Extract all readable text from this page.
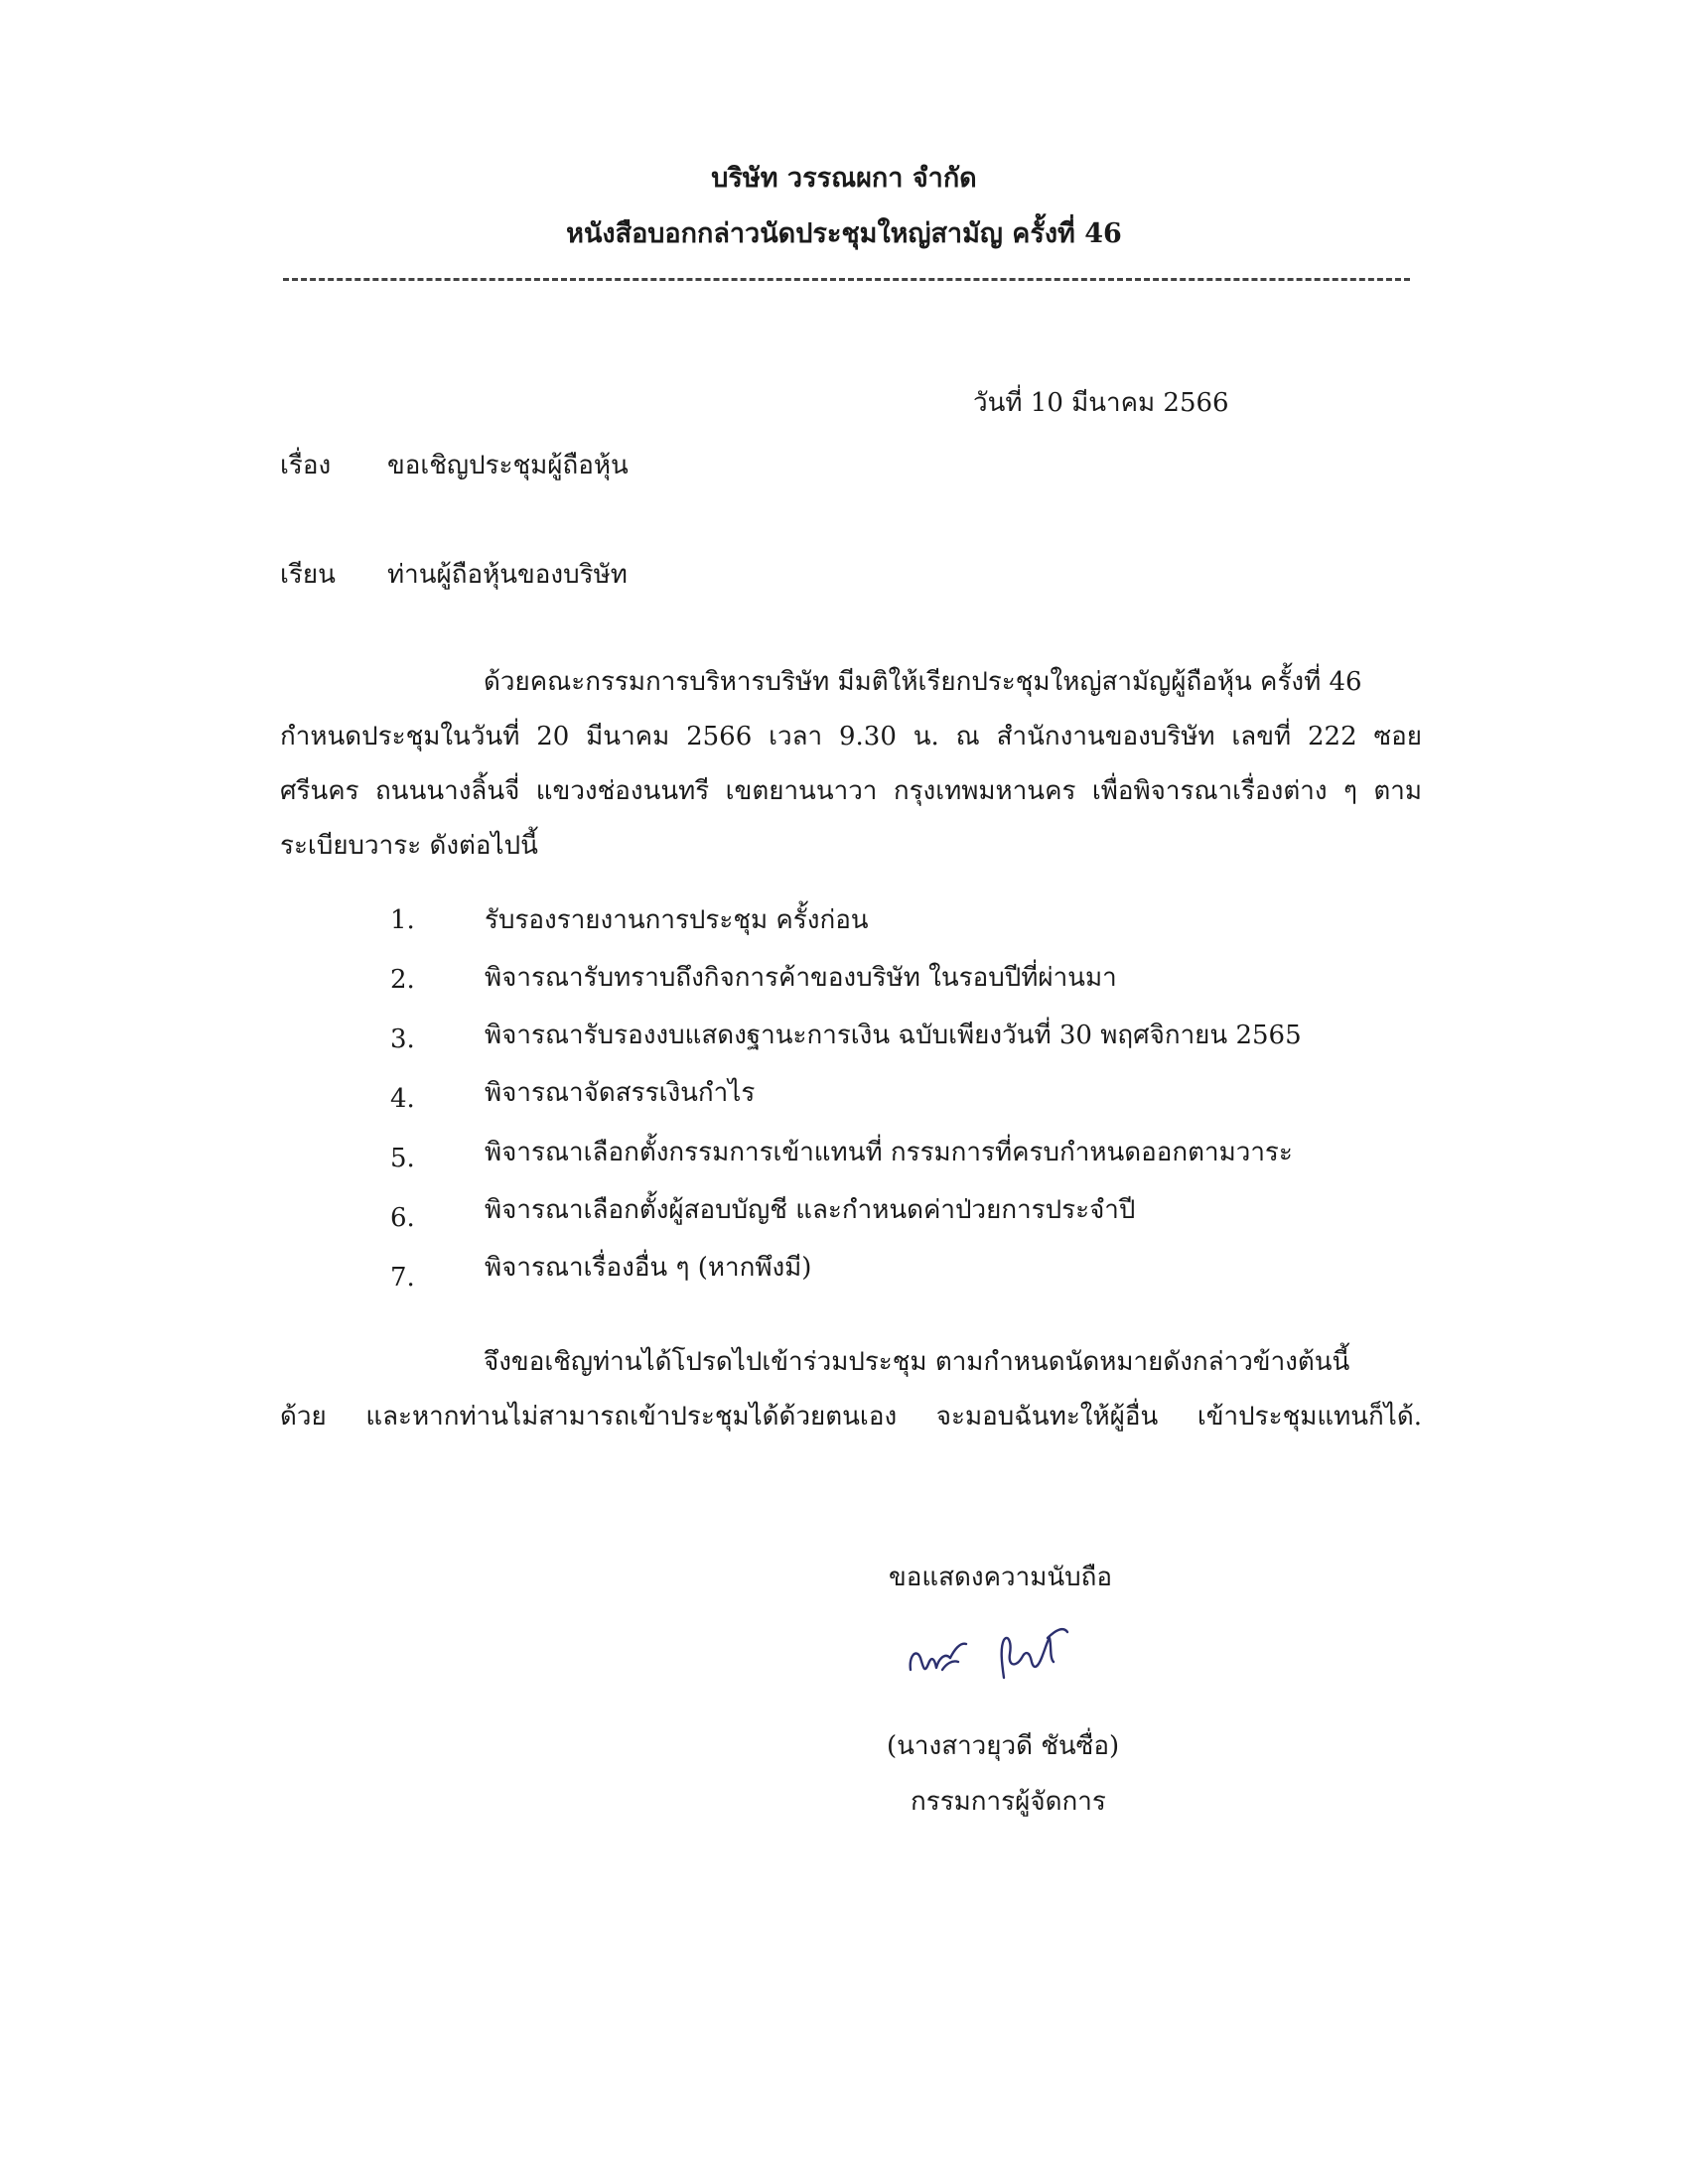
บริษัท วรรณผกา จำกัด
หนังสือบอกกล่าวนัดประชุมใหญ่สามัญ ครั้งที่ 46
วันที่ 10 มีนาคม 2566
เรื่อง ขอเชิญประชุมผู้ถือหุ้น
เรียน ท่านผู้ถือหุ้นของบริษัท
ด้วยคณะกรรมการบริหารบริษัท มีมติให้เรียกประชุมใหญ่สามัญผู้ถือหุ้น ครั้งที่ 46
กำหนดประชุมในวันที่ 20 มีนาคม 2566 เวลา 9.30 น. ณ สำนักงานของบริษัท เลขที่ 222 ซอย
ศรีนคร ถนนนางลิ้นจี่ แขวงช่องนนทรี เขตยานนาวา กรุงเทพมหานคร เพื่อพิจารณาเรื่องต่าง ๆ ตาม
ระเบียบวาระ ดังต่อไปนี้
1.	รับรองรายงานการประชุม ครั้งก่อน
2.	พิจารณารับทราบถึงกิจการค้าของบริษัท ในรอบปีที่ผ่านมา
3.	พิจารณารับรองงบแสดงฐานะการเงิน ฉบับเพียงวันที่ 30 พฤศจิกายน 2565
4.	พิจารณาจัดสรรเงินกำไร
5.	พิจารณาเลือกตั้งกรรมการเข้าแทนที่ กรรมการที่ครบกำหนดออกตามวาระ
6.	พิจารณาเลือกตั้งผู้สอบบัญชี และกำหนดค่าป่วยการประจำปี
7.	พิจารณาเรื่องอื่น ๆ (หากพึงมี)
จึงขอเชิญท่านได้โปรดไปเข้าร่วมประชุม ตามกำหนดนัดหมายดังกล่าวข้างต้นนี้
ด้วย และหากท่านไม่สามารถเข้าประชุมได้ด้วยตนเอง จะมอบฉันทะให้ผู้อื่น เข้าประชุมแทนก็ได้.
ขอแสดงความนับถือ
(นางสาวยุวดี ชันซื่อ)
กรรมการผู้จัดการ
